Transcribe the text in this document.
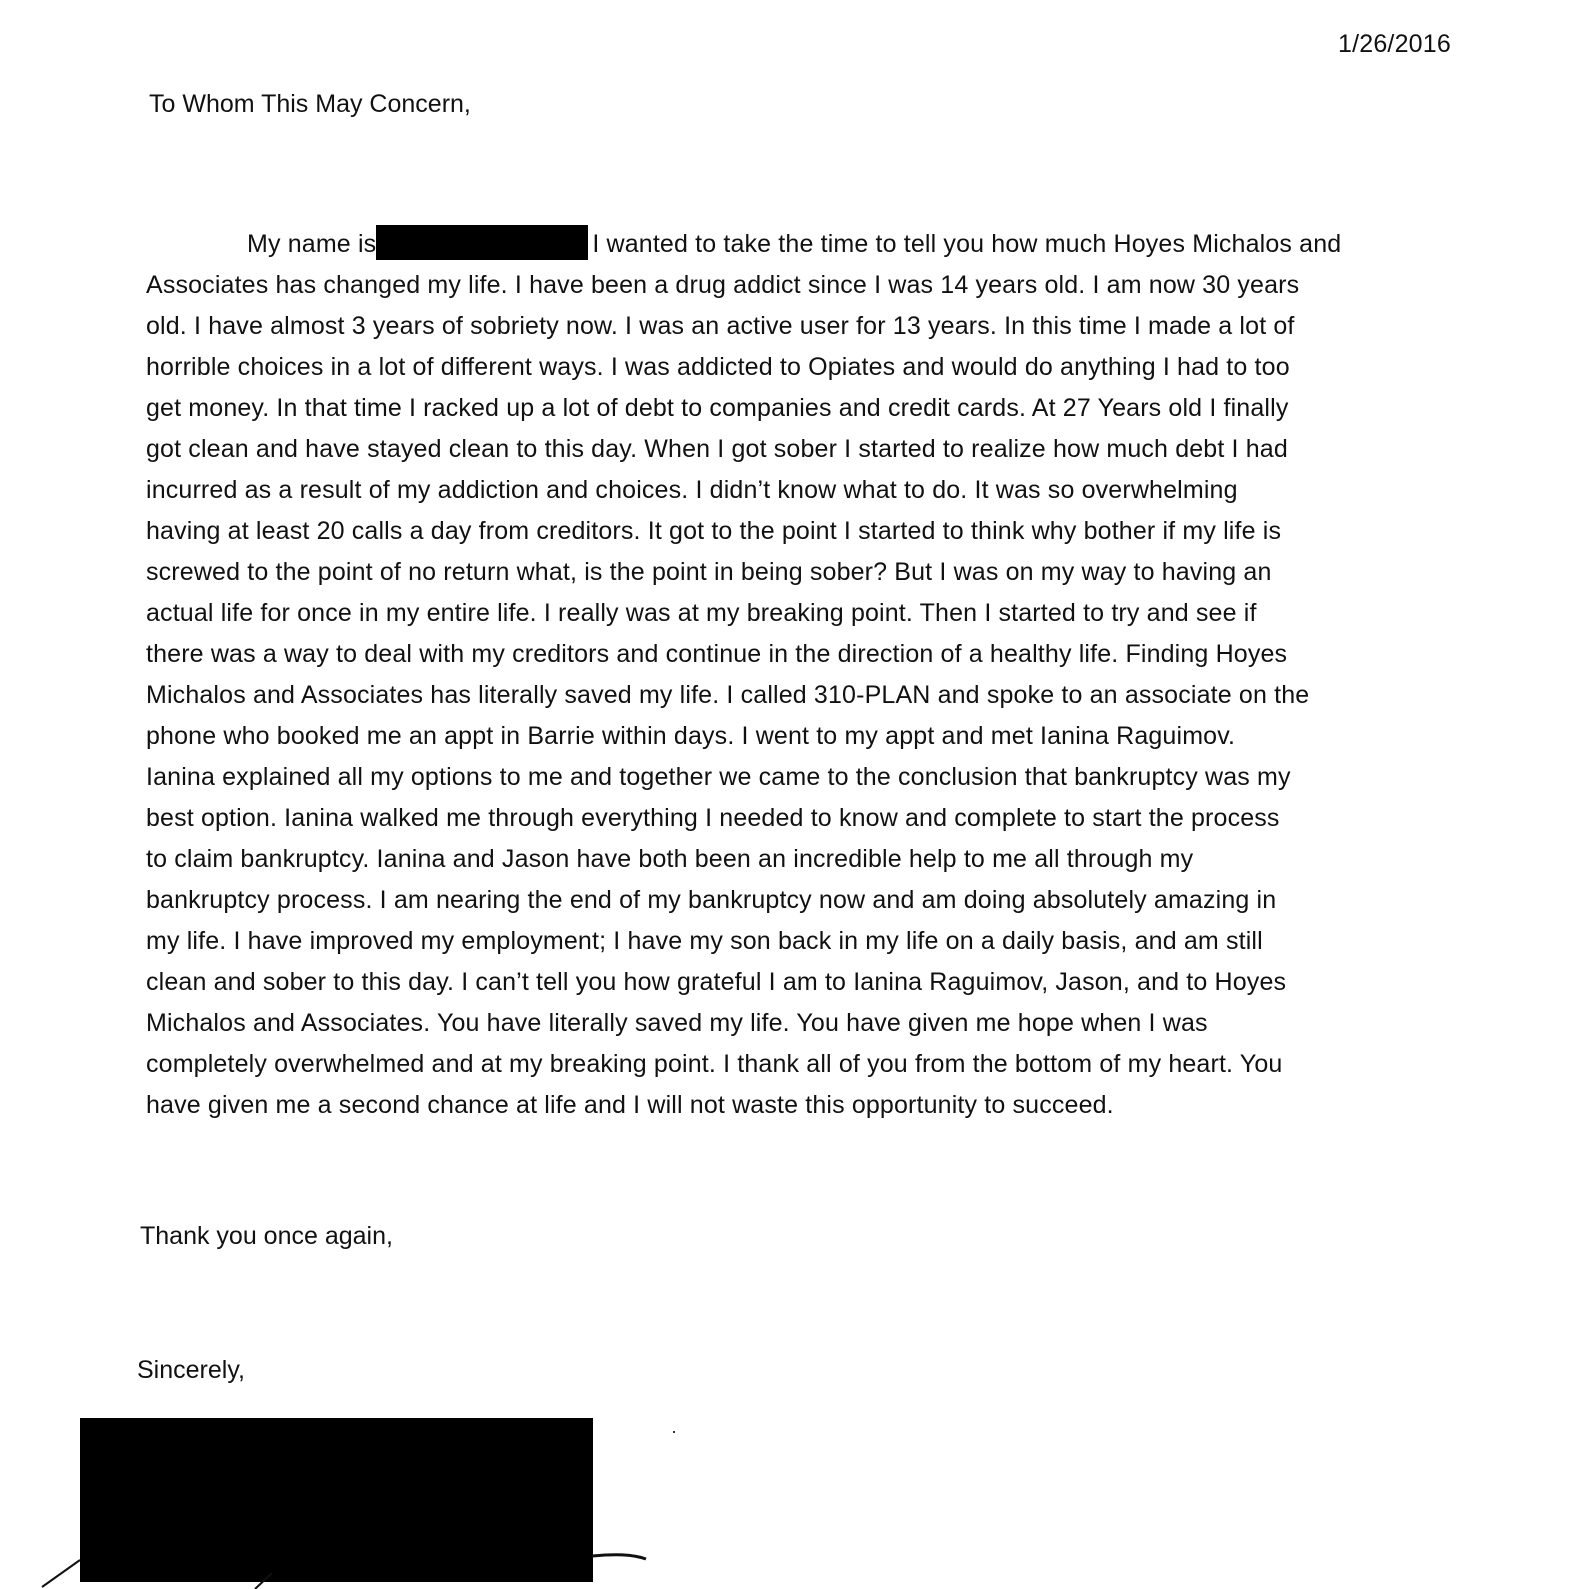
1/26/2016
To Whom This May Concern,
My name is	I wanted to take the time to tell you how much Hoyes Michalos and
Associates has changed my life. I have been a drug addict since I was 14 years old. I am now 30 years
old. I have almost 3 years of sobriety now. I was an active user for 13 years. In this time I made a lot of
horrible choices in a lot of different ways. I was addicted to Opiates and would do anything I had to too
get money. In that time I racked up a lot of debt to companies and credit cards. At 27 Years old I finally
got clean and have stayed clean to this day. When I got sober I started to realize how much debt I had
incurred as a result of my addiction and choices. I didn’t know what to do. It was so overwhelming
having at least 20 calls a day from creditors. It got to the point I started to think why bother if my life is
screwed to the point of no return what, is the point in being sober? But I was on my way to having an
actual life for once in my entire life. I really was at my breaking point. Then I started to try and see if
there was a way to deal with my creditors and continue in the direction of a healthy life. Finding Hoyes
Michalos and Associates has literally saved my life. I called 310-PLAN and spoke to an associate on the
phone who booked me an appt in Barrie within days. I went to my appt and met Ianina Raguimov.
Ianina explained all my options to me and together we came to the conclusion that bankruptcy was my
best option. Ianina walked me through everything I needed to know and complete to start the process
to claim bankruptcy. Ianina and Jason have both been an incredible help to me all through my
bankruptcy process. I am nearing the end of my bankruptcy now and am doing absolutely amazing in
my life. I have improved my employment; I have my son back in my life on a daily basis, and am still
clean and sober to this day. I can’t tell you how grateful I am to Ianina Raguimov, Jason, and to Hoyes
Michalos and Associates. You have literally saved my life. You have given me hope when I was
completely overwhelmed and at my breaking point. I thank all of you from the bottom of my heart. You
have given me a second chance at life and I will not waste this opportunity to succeed.
Thank you once again,
Sincerely,
